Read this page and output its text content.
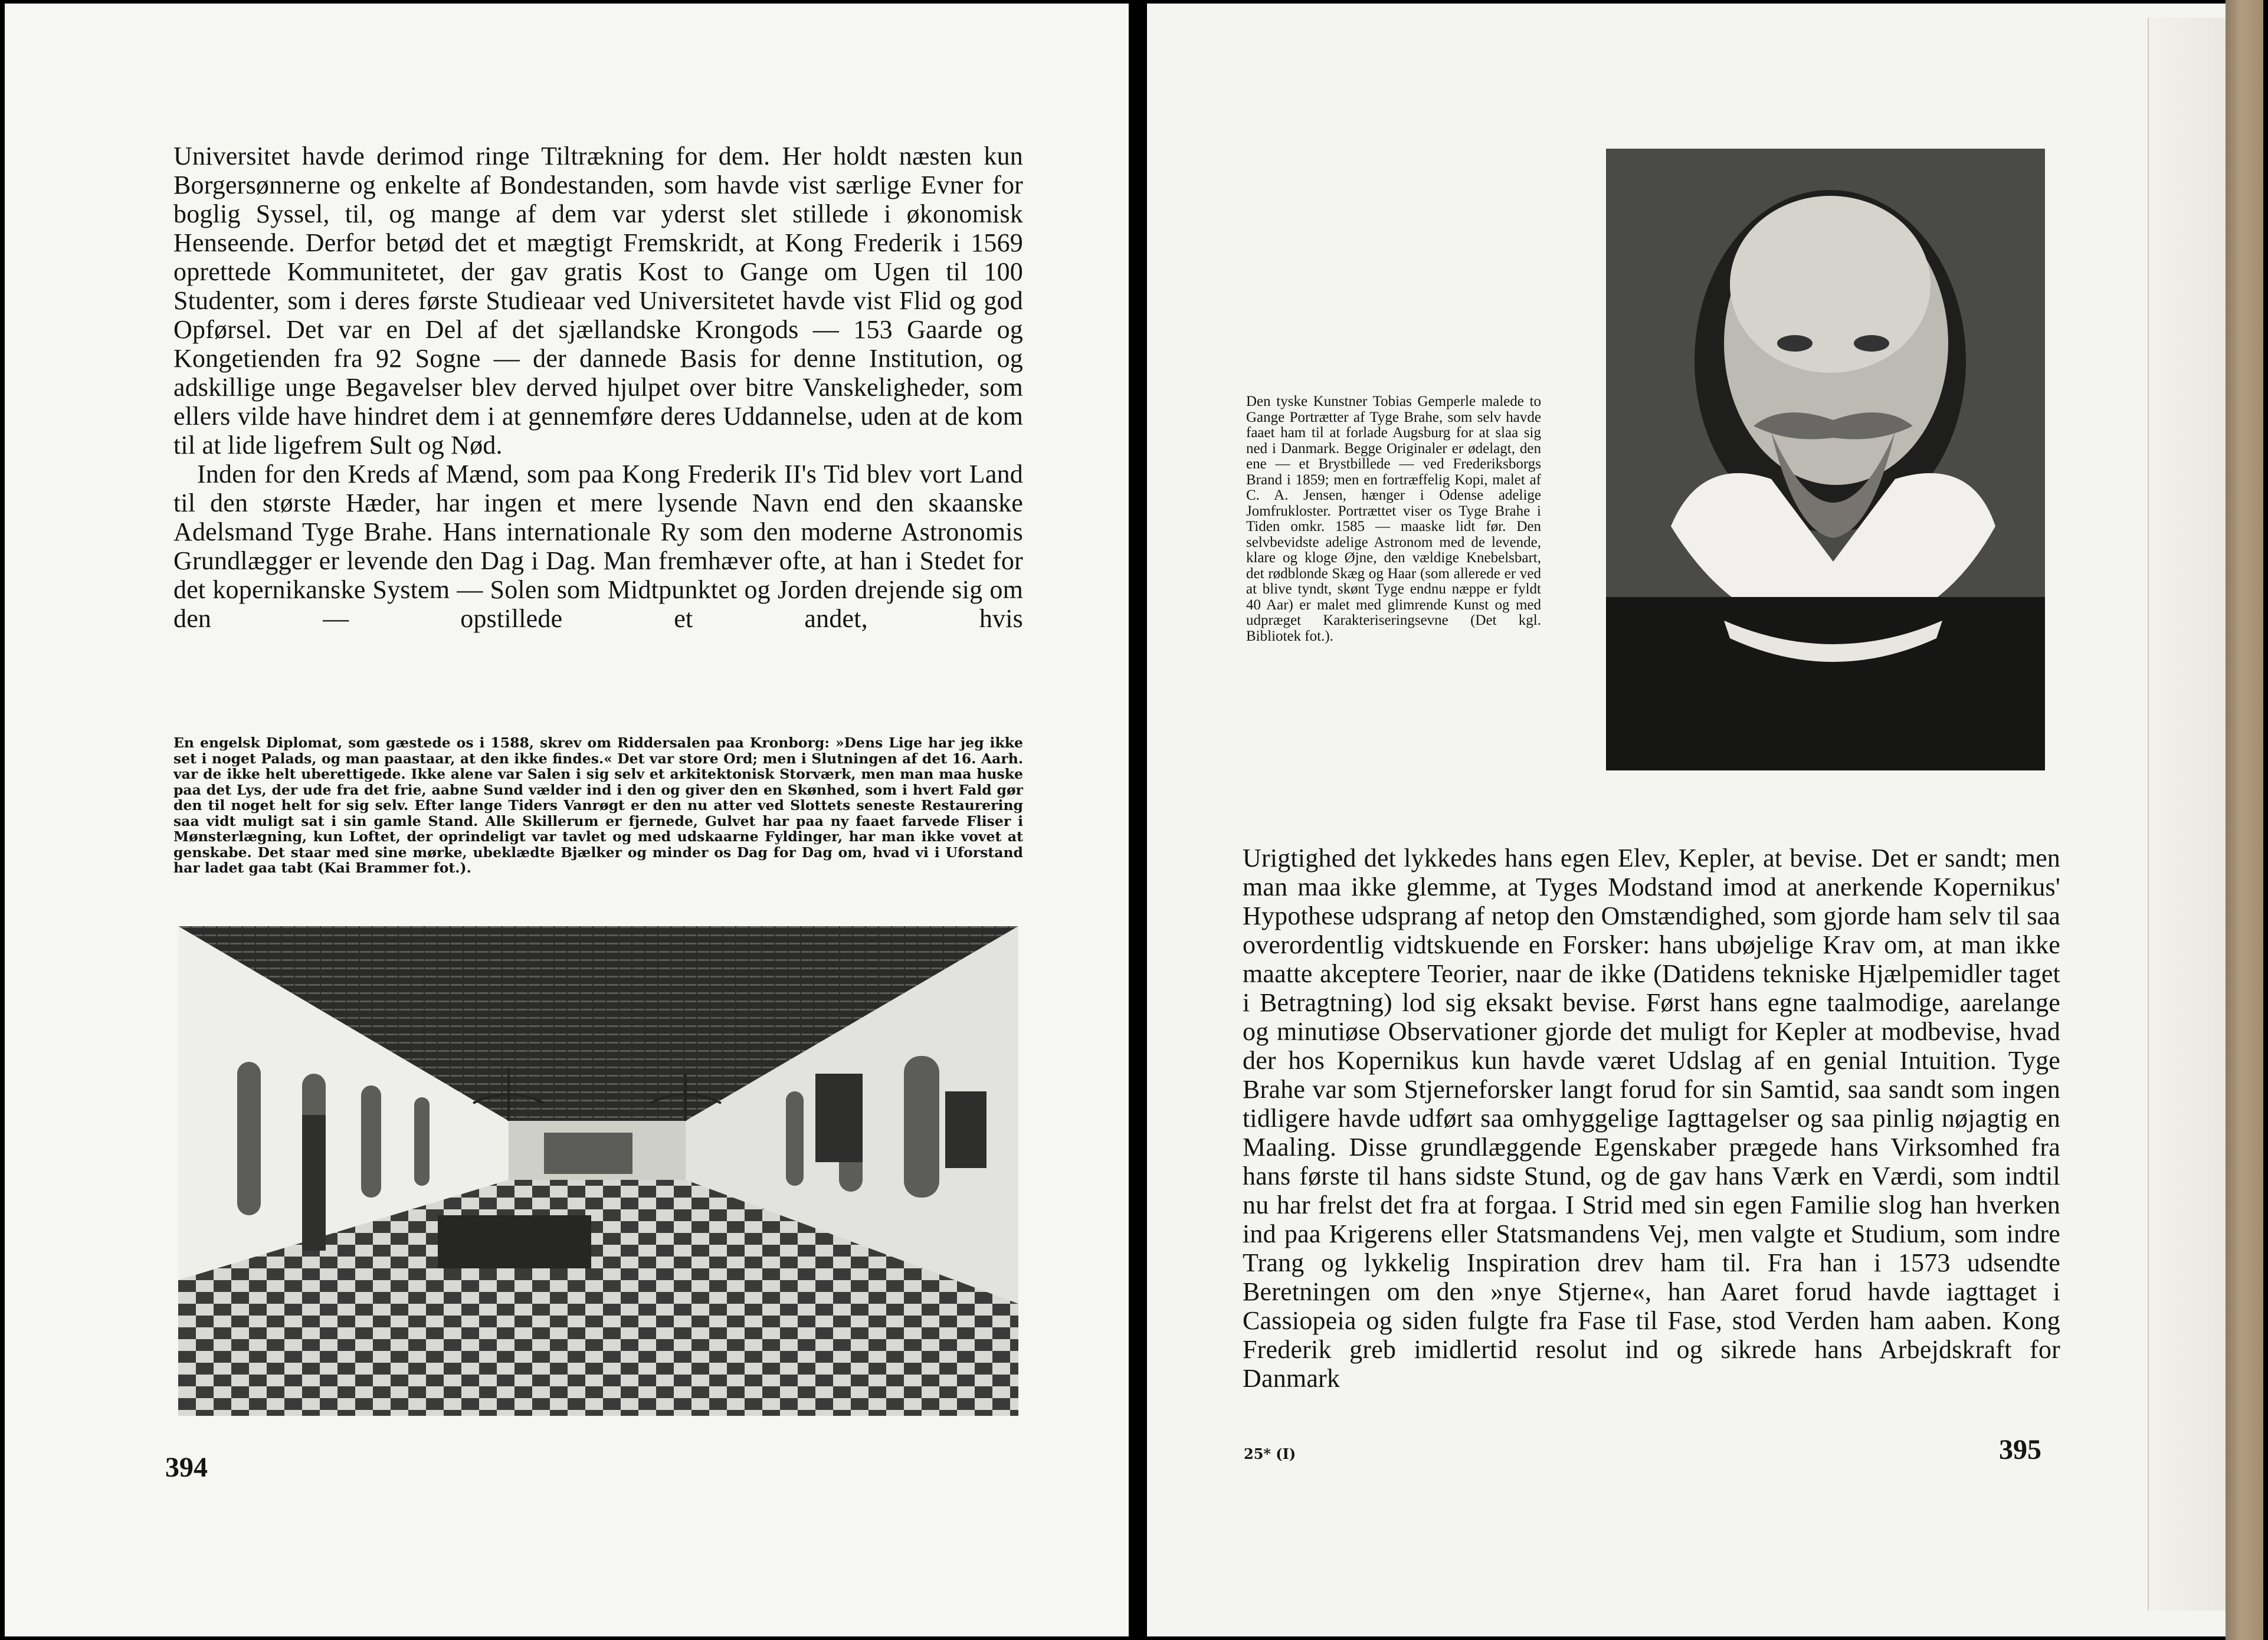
Universitet havde derimod ringe Tiltrækning for dem. Her holdt næsten kun Borgersønnerne og enkelte af Bondestanden, som havde vist særlige Evner for boglig Syssel, til, og mange af dem var yderst slet stillede i økonomisk Henseende. Derfor betød det et mægtigt Fremskridt, at Kong Frederik i 1569 oprettede Kommunitetet, der gav gratis Kost to Gange om Ugen til 100 Studenter, som i deres første Studieaar ved Universitetet havde vist Flid og god Opførsel. Det var en Del af det sjællandske Krongods — 153 Gaarde og Kongetienden fra 92 Sogne — der dannede Basis for denne Institution, og adskillige unge Begavelser blev derved hjulpet over bitre Vanskeligheder, som ellers vilde have hindret dem i at gennemføre deres Uddannelse, uden at de kom til at lide ligefrem Sult og Nød.

Inden for den Kreds af Mænd, som paa Kong Frederik II's Tid blev vort Land til den største Hæder, har ingen et mere lysende Navn end den skaanske Adelsmand Tyge Brahe. Hans internationale Ry som den moderne Astronomis Grundlægger er levende den Dag i Dag. Man fremhæver ofte, at han i Stedet for det kopernikanske System — Solen som Midtpunktet og Jorden drejende sig om den — opstillede et andet, hvis

En engelsk Diplomat, som gæstede os i 1588, skrev om Riddersalen paa Kronborg: »Dens Lige har jeg ikke set i noget Palads, og man paastaar, at den ikke findes.« Det var store Ord; men i Slutningen af det 16. Aarh. var de ikke helt uberettigede. Ikke alene var Salen i sig selv et arkitektonisk Storværk, men man maa huske paa det Lys, der ude fra det frie, aabne Sund vælder ind i den og giver den en Skønhed, som i hvert Fald gør den til noget helt for sig selv. Efter lange Tiders Vanrøgt er den nu atter ved Slottets seneste Restaurering saa vidt muligt sat i sin gamle Stand. Alle Skillerum er fjernede, Gulvet har paa ny faaet farvede Fliser i Mønsterlægning, kun Loftet, der oprindeligt var tavlet og med udskaarne Fyldinger, har man ikke vovet at genskabe. Det staar med sine mørke, ubeklædte Bjælker og minder os Dag for Dag om, hvad vi i Uforstand har ladet gaa tabt (Kai Brammer fot.).
394
Den tyske Kunstner Tobias Gemperle malede to Gange Portrætter af Tyge Brahe, som selv havde faaet ham til at forlade Augsburg for at slaa sig ned i Danmark. Begge Originaler er ødelagt, den ene — et Brystbillede — ved Frederiksborgs Brand i 1859; men en fortræffelig Kopi, malet af C. A. Jensen, hænger i Odense adelige Jomfrukloster. Portrættet viser os Tyge Brahe i Tiden omkr. 1585 — maaske lidt før. Den selvbevidste adelige Astronom med de levende, klare og kloge Øjne, den vældige Knebelsbart, det rødblonde Skæg og Haar (som allerede er ved at blive tyndt, skønt Tyge endnu næppe er fyldt 40 Aar) er malet med glimrende Kunst og med udpræget Karakteriseringsevne (Det kgl. Bibliotek fot.).
Urigtighed det lykkedes hans egen Elev, Kepler, at bevise. Det er sandt; men man maa ikke glemme, at Tyges Modstand imod at anerkende Kopernikus' Hypothese udsprang af netop den Omstændighed, som gjorde ham selv til saa overordentlig vidtskuende en Forsker: hans ubøjelige Krav om, at man ikke maatte akceptere Teorier, naar de ikke (Datidens tekniske Hjælpemidler taget i Betragtning) lod sig eksakt bevise. Først hans egne taalmodige, aarelange og minutiøse Observationer gjorde det muligt for Kepler at modbevise, hvad der hos Kopernikus kun havde været Udslag af en genial Intuition. Tyge Brahe var som Stjerneforsker langt forud for sin Samtid, saa sandt som ingen tidligere havde udført saa omhyggelige Iagttagelser og saa pinlig nøjagtig en Maaling. Disse grundlæggende Egenskaber prægede hans Virksomhed fra hans første til hans sidste Stund, og de gav hans Værk en Værdi, som indtil nu har frelst det fra at forgaa. I Strid med sin egen Familie slog han hverken ind paa Krigerens eller Statsmandens Vej, men valgte et Studium, som indre Trang og lykkelig Inspiration drev ham til. Fra han i 1573 udsendte Beretningen om den »nye Stjerne«, han Aaret forud havde iagttaget i Cassiopeia og siden fulgte fra Fase til Fase, stod Verden ham aaben. Kong Frederik greb imidlertid resolut ind og sikrede hans Arbejdskraft for Danmark
25* (I)	395
